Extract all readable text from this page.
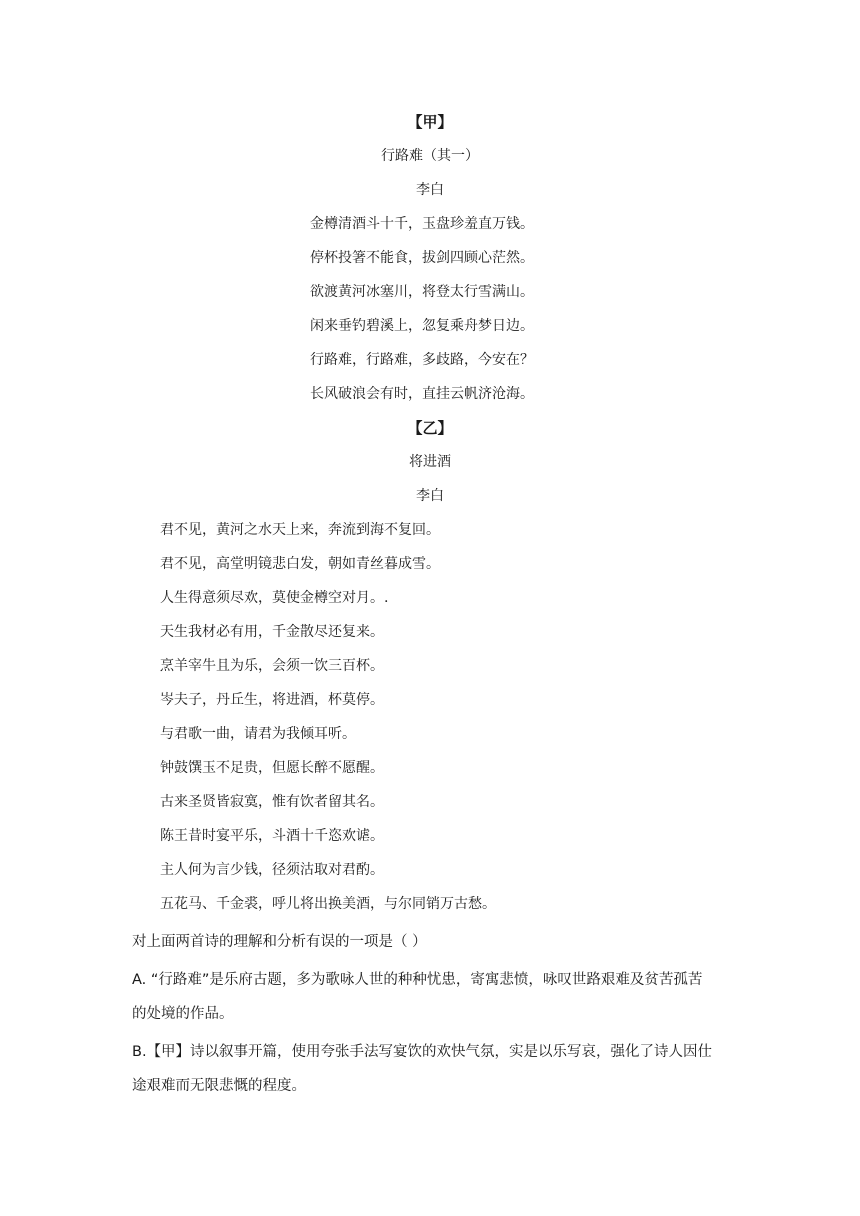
【甲】
行路难（其一）
李白
金樽清酒斗十千，玉盘珍羞直万钱。
停杯投箸不能食，拔剑四顾心茫然。
欲渡黄河冰塞川，将登太行雪满山。
闲来垂钓碧溪上，忽复乘舟梦日边。
行路难，行路难，多歧路，今安在？
长风破浪会有时，直挂云帆济沧海。
【乙】
将进酒
李白
君不见，黄河之水天上来，奔流到海不复回。
君不见，高堂明镜悲白发，朝如青丝暮成雪。
人生得意须尽欢，莫使金樽空对月。.
天生我材必有用，千金散尽还复来。
烹羊宰牛且为乐，会须一饮三百杯。
岑夫子，丹丘生，将进酒，杯莫停。
与君歌一曲，请君为我倾耳听。
钟鼓馔玉不足贵，但愿长醉不愿醒。
古来圣贤皆寂寞，惟有饮者留其名。
陈王昔时宴平乐，斗酒十千恣欢谑。
主人何为言少钱，径须沽取对君酌。
五花马、千金裘，呼儿将出换美酒，与尔同销万古愁。
对上面两首诗的理解和分析有误的一项是（ ）
A. “行路难”是乐府古题，多为歌咏人世的种种忧患，寄寓悲愤，咏叹世路艰难及贫苦孤苦
的处境的作品。
B.【甲】诗以叙事开篇，使用夸张手法写宴饮的欢快气氛，实是以乐写哀，强化了诗人因仕
途艰难而无限悲慨的程度。
